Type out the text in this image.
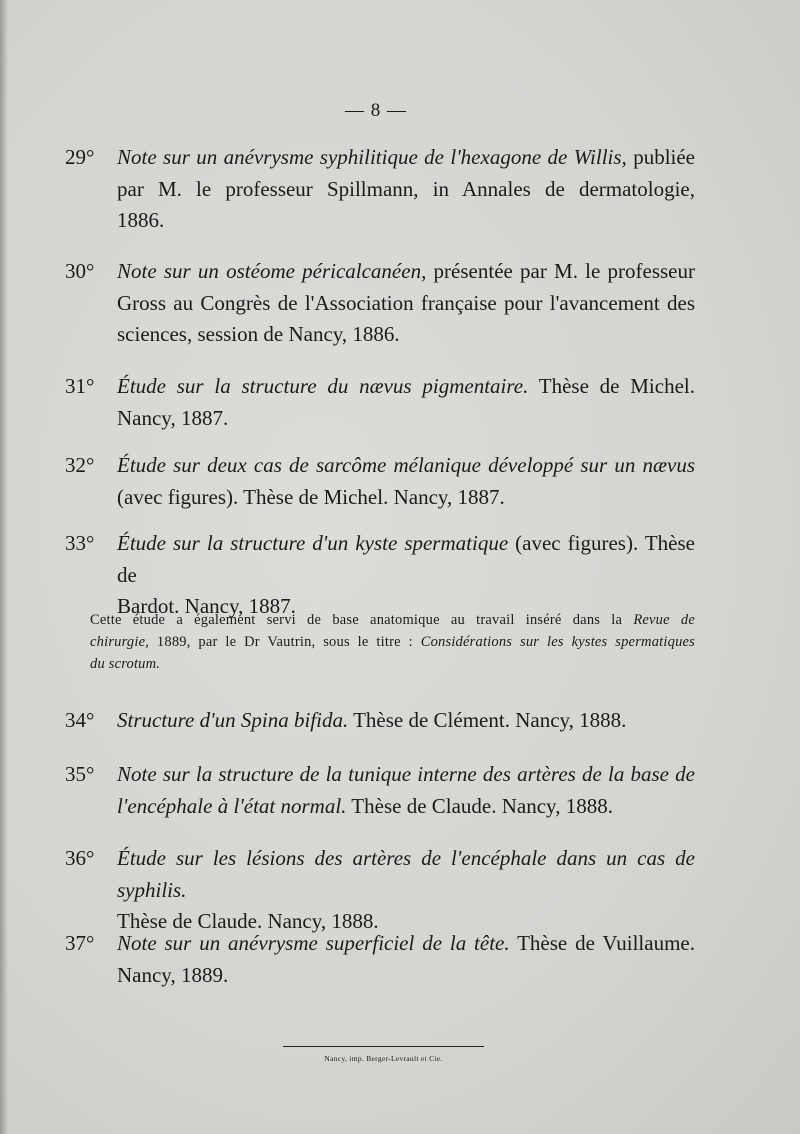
— 8 —
29° Note sur un anévrysme syphilitique de l'hexagone de Willis, publiée
par M. le professeur Spillmann, in Annales de dermatologie,
1886.
30° Note sur un ostéome péricalcanéen, présentée par M. le professeur
Gross au Congrès de l'Association française pour l'avancement des
sciences, session de Nancy, 1886.
31° Étude sur la structure du nævus pigmentaire. Thèse de Michel.
Nancy, 1887.
32° Étude sur deux cas de sarcôme mélanique développé sur un nævus
(avec figures). Thèse de Michel. Nancy, 1887.
33° Étude sur la structure d'un kyste spermatique (avec figures). Thèse de
Bardot. Nancy, 1887.
Cette étude a également servi de base anatomique au travail inséré dans la Revue de
chirurgie, 1889, par le Dr Vautrin, sous le titre : Considérations sur les kystes spermatiques
du scrotum.
34° Structure d'un Spina bifida. Thèse de Clément. Nancy, 1888.
35° Note sur la structure de la tunique interne des artères de la base de
l'encéphale à l'état normal. Thèse de Claude. Nancy, 1888.
36° Étude sur les lésions des artères de l'encéphale dans un cas de syphilis.
Thèse de Claude. Nancy, 1888.
37° Note sur un anévrysme superficiel de la tête. Thèse de Vuillaume.
Nancy, 1889.
Nancy, imp. Berger-Levrault et Cie.
